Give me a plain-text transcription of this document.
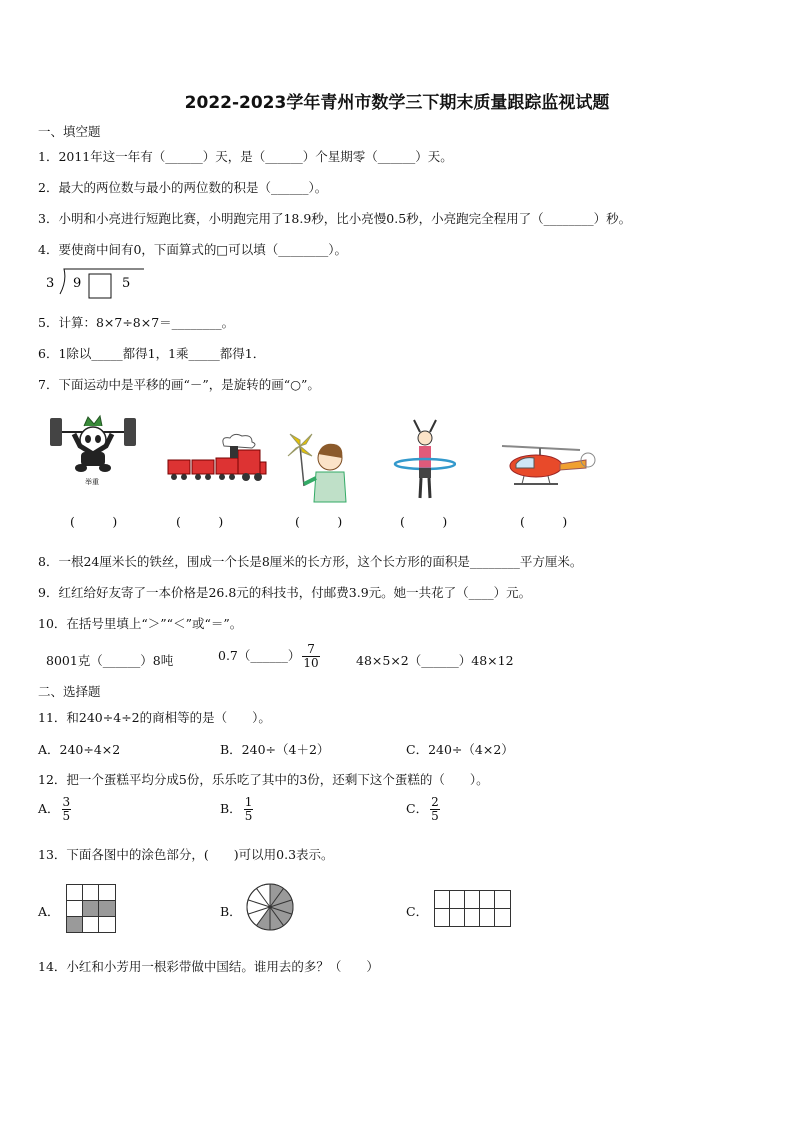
2022-2023学年青州市数学三下期末质量跟踪监视试题
一、填空题
1．2011年这一年有（______）天，是（______）个星期零（______）天。
2．最大的两位数与最小的两位数的积是（______）。
3．小明和小亮进行短跑比赛，小明跑完用了18.9秒，比小亮慢0.5秒，小亮跑完全程用了（________）秒。
4．要使商中间有0，下面算式的□可以填（________）。
3 9	5
5．计算：8×7÷8×7＝________。
6．1除以_____都得1，1乘_____都得1．
7．下面运动中是平移的画“－”，是旋转的画“○”。
举重
(　　　)	(　　　)	(　　　)	(　　　)	(　　　)
8．一根24厘米长的铁丝，围成一个长是8厘米的长方形，这个长方形的面积是________平方厘米。
9．红红给好友寄了一本价格是26.8元的科技书，付邮费3.9元。她一共花了（____）元。
10．在括号里填上“＞”“＜”或“＝”。
8001克（______）8吨	0.7（______） $\frac{7}{10}$	48×5×2（______）48×12
二、选择题
11．和240÷4÷2的商相等的是（　　）。
A．240÷4×2	B．240÷（4＋2）	C．240÷（4×2）
12．把一个蛋糕平均分成5份，乐乐吃了其中的3份，还剩下这个蛋糕的（　　）。
A． $\frac{3}{5}$	B． $\frac{1}{5}$	C． $\frac{2}{5}$
13．下面各图中的涂色部分，(　　)可以用0.3表示。
A．	B．	C．
14．小红和小芳用一根彩带做中国结。谁用去的多？（　　）
